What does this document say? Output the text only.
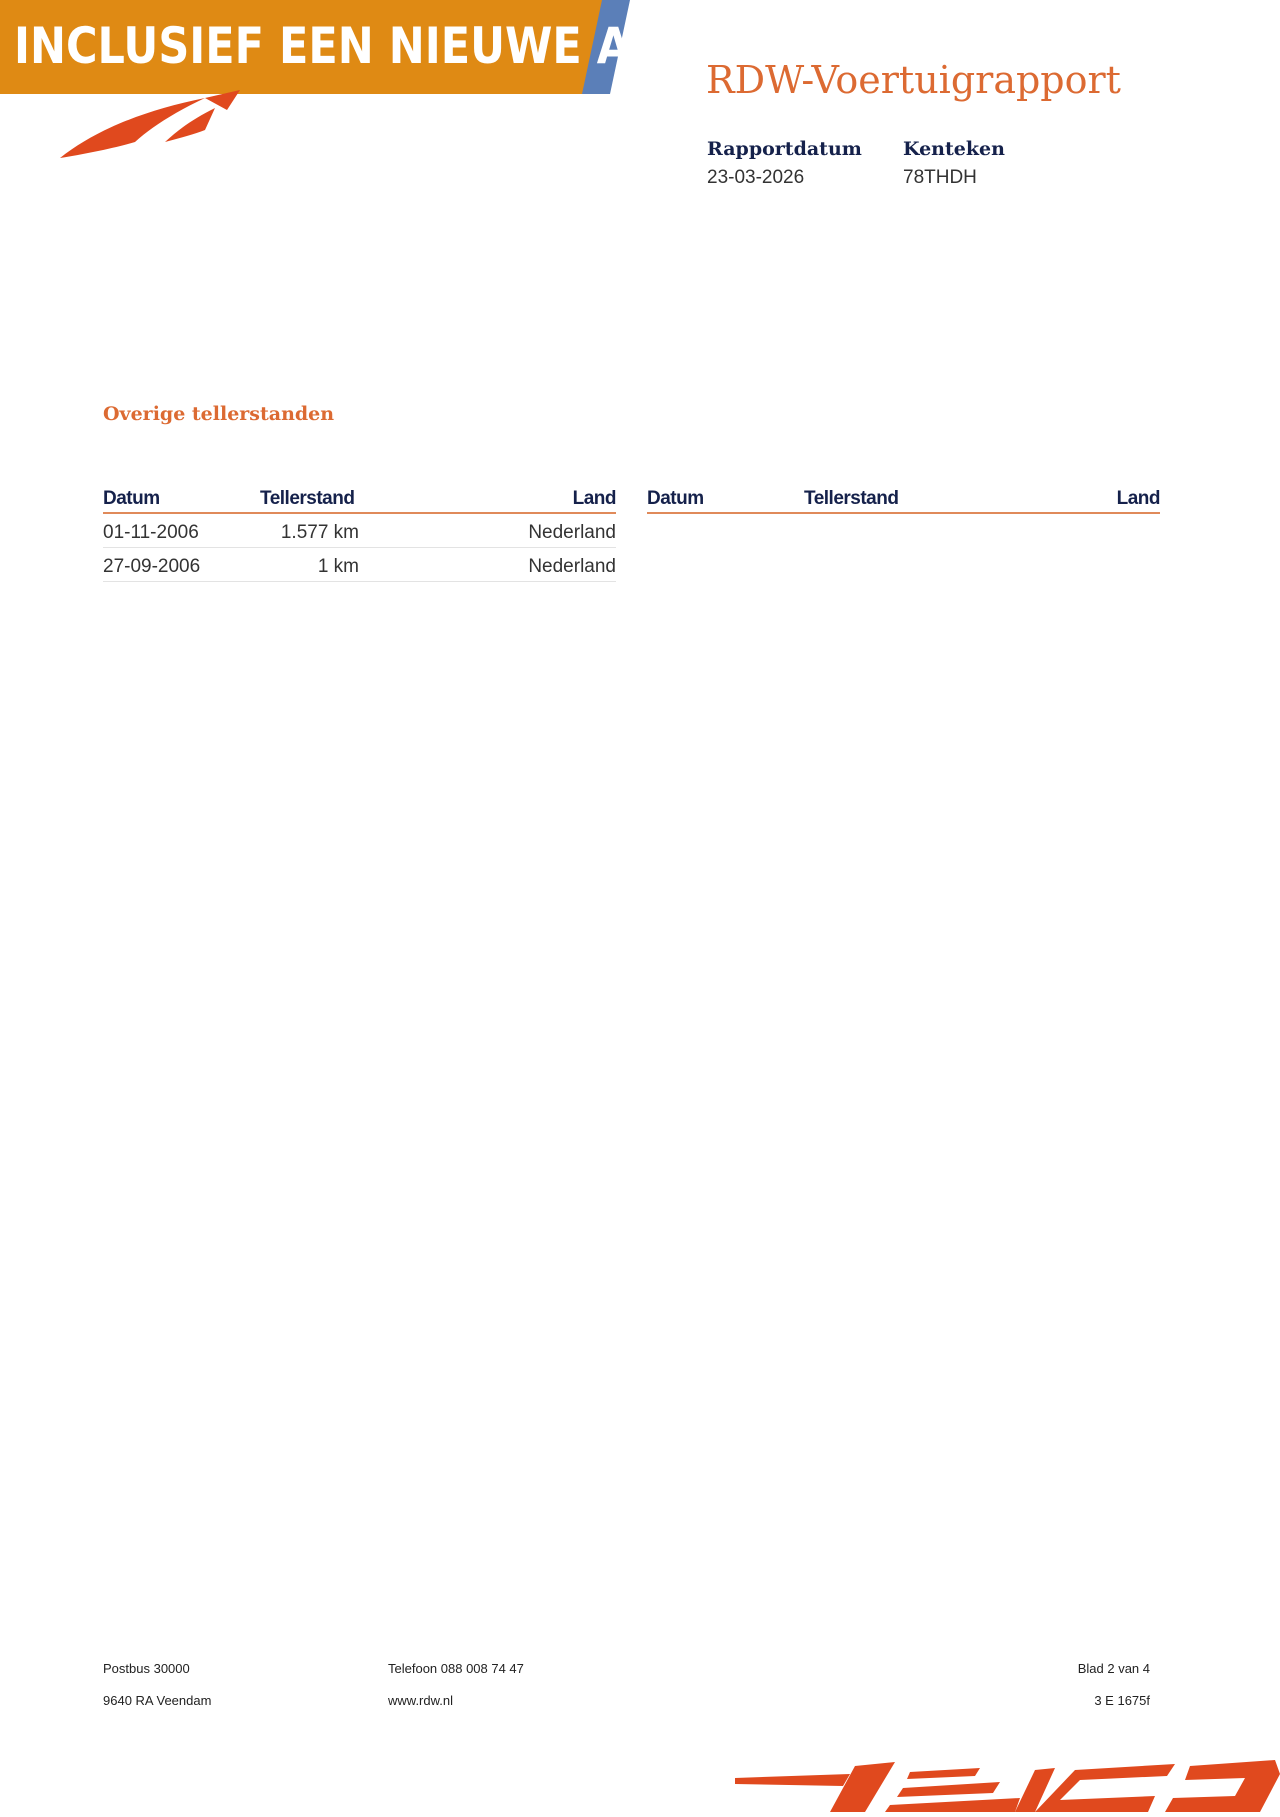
INCLUSIEF EEN NIEUWE APK
RDW-Voertuigrapport
Rapportdatum
23-03-2026
Kenteken
78THDH
Overige tellerstanden
Datum	Tellerstand	Land
01-11-2006	1.577 km	Nederland
27-09-2006	1 km	Nederland
Datum	Tellerstand	Land
Postbus 30000
9640 RA Veendam
Telefoon 088 008 74 47
www.rdw.nl
Blad 2 van 4
3 E 1675f
